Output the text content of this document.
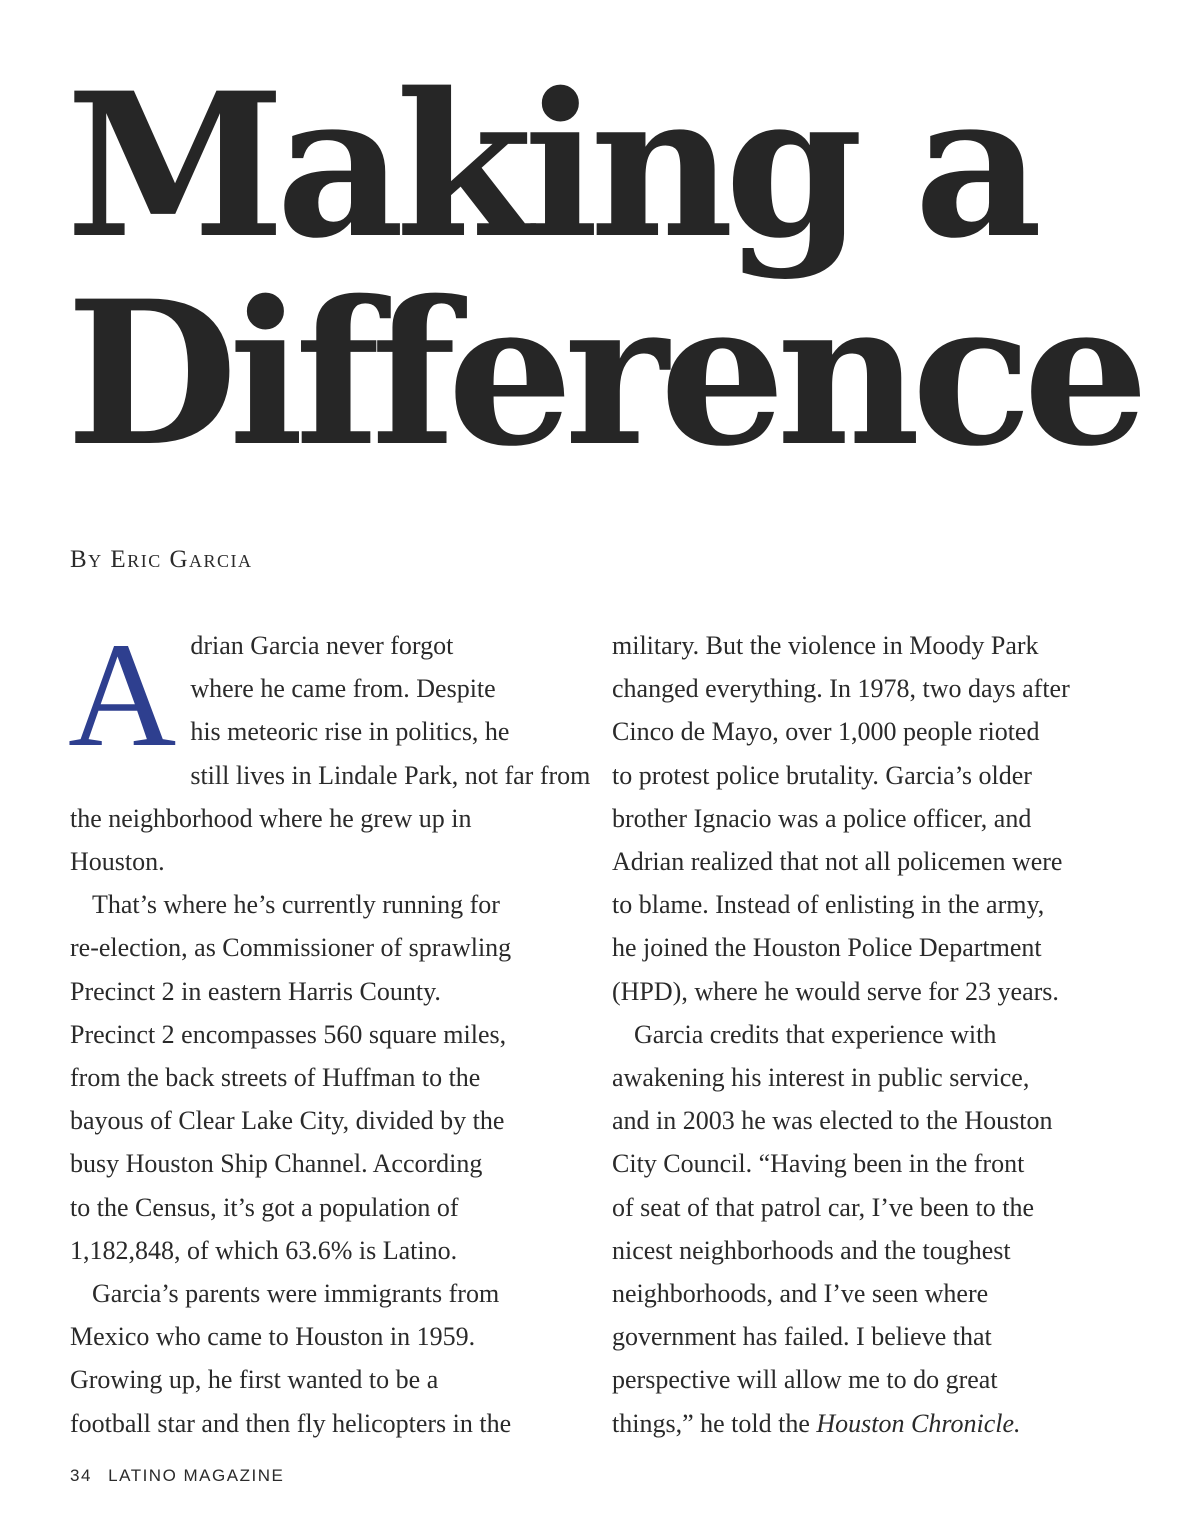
Making a
Difference
By Eric Garcia

A drian Garcia never forgot
where he came from. Despite
his meteoric rise in politics, he
still lives in Lindale Park, not far from
the neighborhood where he grew up in
Houston.

That’s where he’s currently running for
re-election, as Commissioner of sprawling
Precinct 2 in eastern Harris County.
Precinct 2 encompasses 560 square miles,
from the back streets of Huffman to the
bayous of Clear Lake City, divided by the
busy Houston Ship Channel. According
to the Census, it’s got a population of
1,182,848, of which 63.6% is Latino.

Garcia’s parents were immigrants from
Mexico who came to Houston in 1959.
Growing up, he first wanted to be a
football star and then fly helicopters in the

military. But the violence in Moody Park
changed everything. In 1978, two days after
Cinco de Mayo, over 1,000 people rioted
to protest police brutality. Garcia’s older
brother Ignacio was a police officer, and
Adrian realized that not all policemen were
to blame. Instead of enlisting in the army,
he joined the Houston Police Department
(HPD), where he would serve for 23 years.

Garcia credits that experience with
awakening his interest in public service,
and in 2003 he was elected to the Houston
City Council. “Having been in the front
of seat of that patrol car, I’ve been to the
nicest neighborhoods and the toughest
neighborhoods, and I’ve seen where
government has failed. I believe that
perspective will allow me to do great
things,” he told the Houston Chronicle.

34 LATINO MAGAZINE
